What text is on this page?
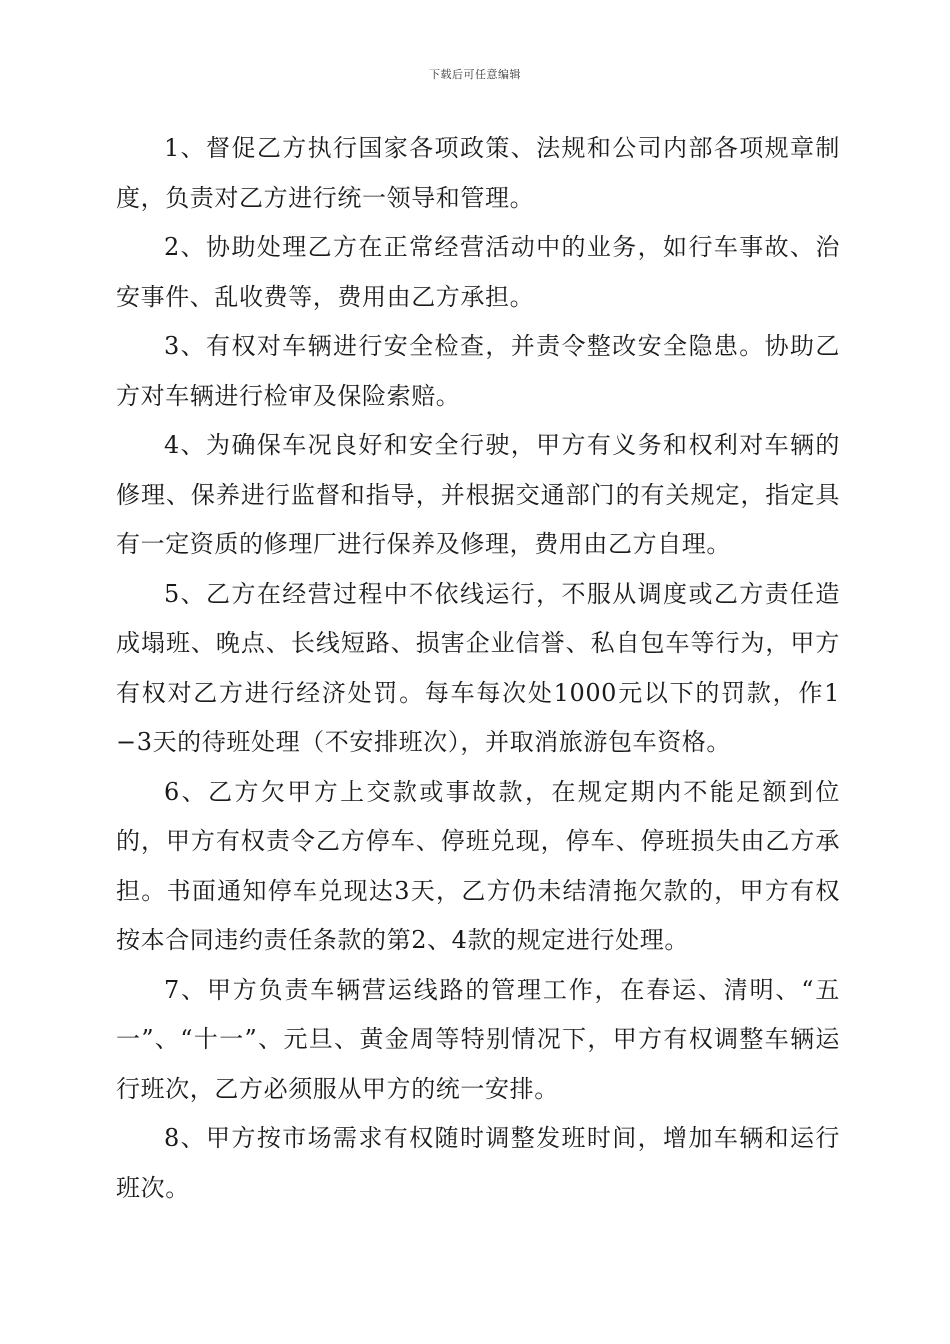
下载后可任意编辑

1、督促乙方执行国家各项政策、法规和公司内部各项规章制度，负责对乙方进行统一领导和管理。

2、协助处理乙方在正常经营活动中的业务，如行车事故、治安事件、乱收费等，费用由乙方承担。

3、有权对车辆进行安全检查，并责令整改安全隐患。协助乙方对车辆进行检审及保险索赔。

4、为确保车况良好和安全行驶，甲方有义务和权利对车辆的修理、保养进行监督和指导，并根据交通部门的有关规定，指定具有一定资质的修理厂进行保养及修理，费用由乙方自理。

5、乙方在经营过程中不依线运行，不服从调度或乙方责任造成塌班、晚点、长线短路、损害企业信誉、私自包车等行为，甲方有权对乙方进行经济处罚。每车每次处1000元以下的罚款，作1−3天的待班处理（不安排班次），并取消旅游包车资格。

6、乙方欠甲方上交款或事故款，在规定期内不能足额到位的，甲方有权责令乙方停车、停班兑现，停车、停班损失由乙方承担。书面通知停车兑现达3天，乙方仍未结清拖欠款的，甲方有权按本合同违约责任条款的第2、4款的规定进行处理。

7、甲方负责车辆营运线路的管理工作，在春运、清明、“五一”、“十一”、元旦、黄金周等特别情况下，甲方有权调整车辆运行班次，乙方必须服从甲方的统一安排。

8、甲方按市场需求有权随时调整发班时间，增加车辆和运行班次。
